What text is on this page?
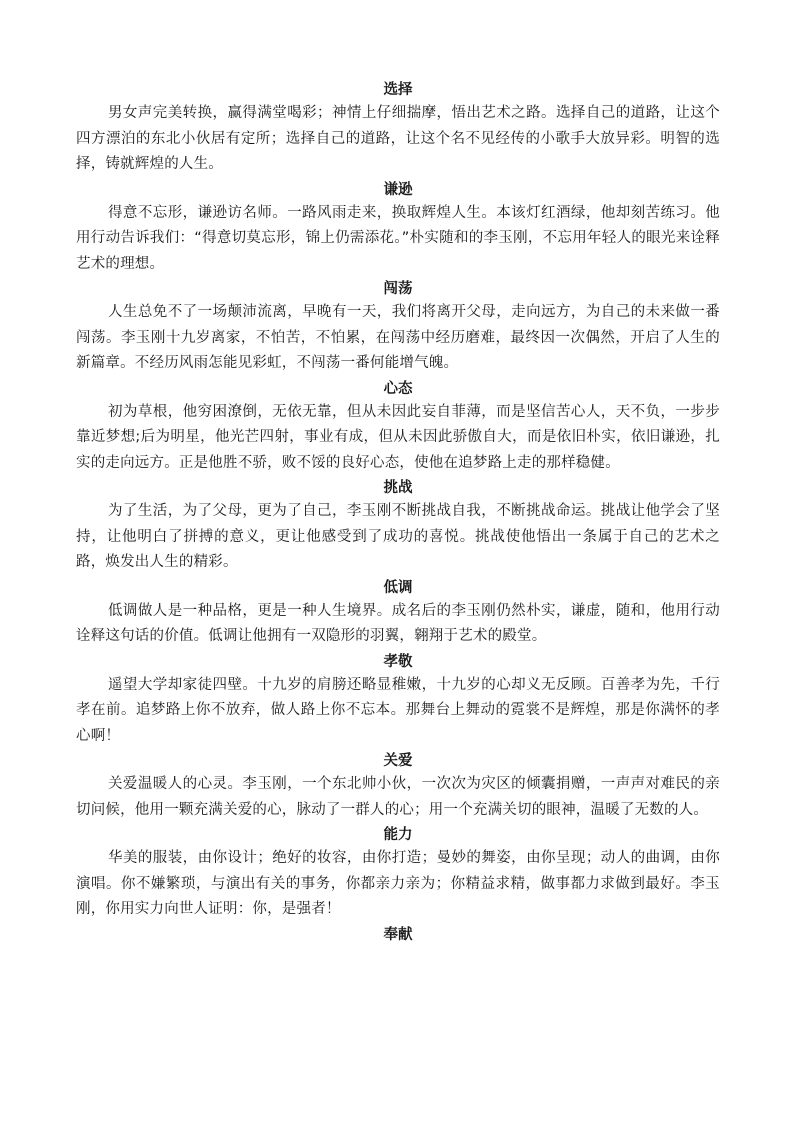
选择

男女声完美转换，赢得满堂喝彩；神情上仔细揣摩，悟出艺术之路。选择自己的道路，让这个四方漂泊的东北小伙居有定所；选择自己的道路，让这个名不见经传的小歌手大放异彩。明智的选择，铸就辉煌的人生。

谦逊

得意不忘形，谦逊访名师。一路风雨走来，换取辉煌人生。本该灯红酒绿，他却刻苦练习。他用行动告诉我们：“得意切莫忘形，锦上仍需添花。”朴实随和的李玉刚，不忘用年轻人的眼光来诠释艺术的理想。

闯荡

人生总免不了一场颠沛流离，早晚有一天，我们将离开父母，走向远方，为自己的未来做一番闯荡。李玉刚十九岁离家，不怕苦，不怕累，在闯荡中经历磨难，最终因一次偶然，开启了人生的新篇章。不经历风雨怎能见彩虹，不闯荡一番何能增气魄。

心态

初为草根，他穷困潦倒，无依无靠，但从未因此妄自菲薄，而是坚信苦心人，天不负，一步步靠近梦想;后为明星，他光芒四射，事业有成，但从未因此骄傲自大，而是依旧朴实，依旧谦逊，扎实的走向远方。正是他胜不骄，败不馁的良好心态，使他在追梦路上走的那样稳健。

挑战

为了生活，为了父母，更为了自己，李玉刚不断挑战自我，不断挑战命运。挑战让他学会了坚持，让他明白了拼搏的意义，更让他感受到了成功的喜悦。挑战使他悟出一条属于自己的艺术之路，焕发出人生的精彩。

低调

低调做人是一种品格，更是一种人生境界。成名后的李玉刚仍然朴实，谦虚，随和，他用行动诠释这句话的价值。低调让他拥有一双隐形的羽翼，翱翔于艺术的殿堂。

孝敬

遥望大学却家徒四壁。十九岁的肩膀还略显稚嫩，十九岁的心却义无反顾。百善孝为先，千行孝在前。追梦路上你不放弃，做人路上你不忘本。那舞台上舞动的霓裳不是辉煌，那是你满怀的孝心啊！

关爱

关爱温暖人的心灵。李玉刚，一个东北帅小伙，一次次为灾区的倾囊捐赠，一声声对难民的亲切问候，他用一颗充满关爱的心，脉动了一群人的心；用一个充满关切的眼神，温暖了无数的人。

能力

华美的服装，由你设计；绝好的妆容，由你打造；曼妙的舞姿，由你呈现；动人的曲调，由你演唱。你不嫌繁琐，与演出有关的事务，你都亲力亲为；你精益求精，做事都力求做到最好。李玉刚，你用实力向世人证明：你，是强者！

奉献
